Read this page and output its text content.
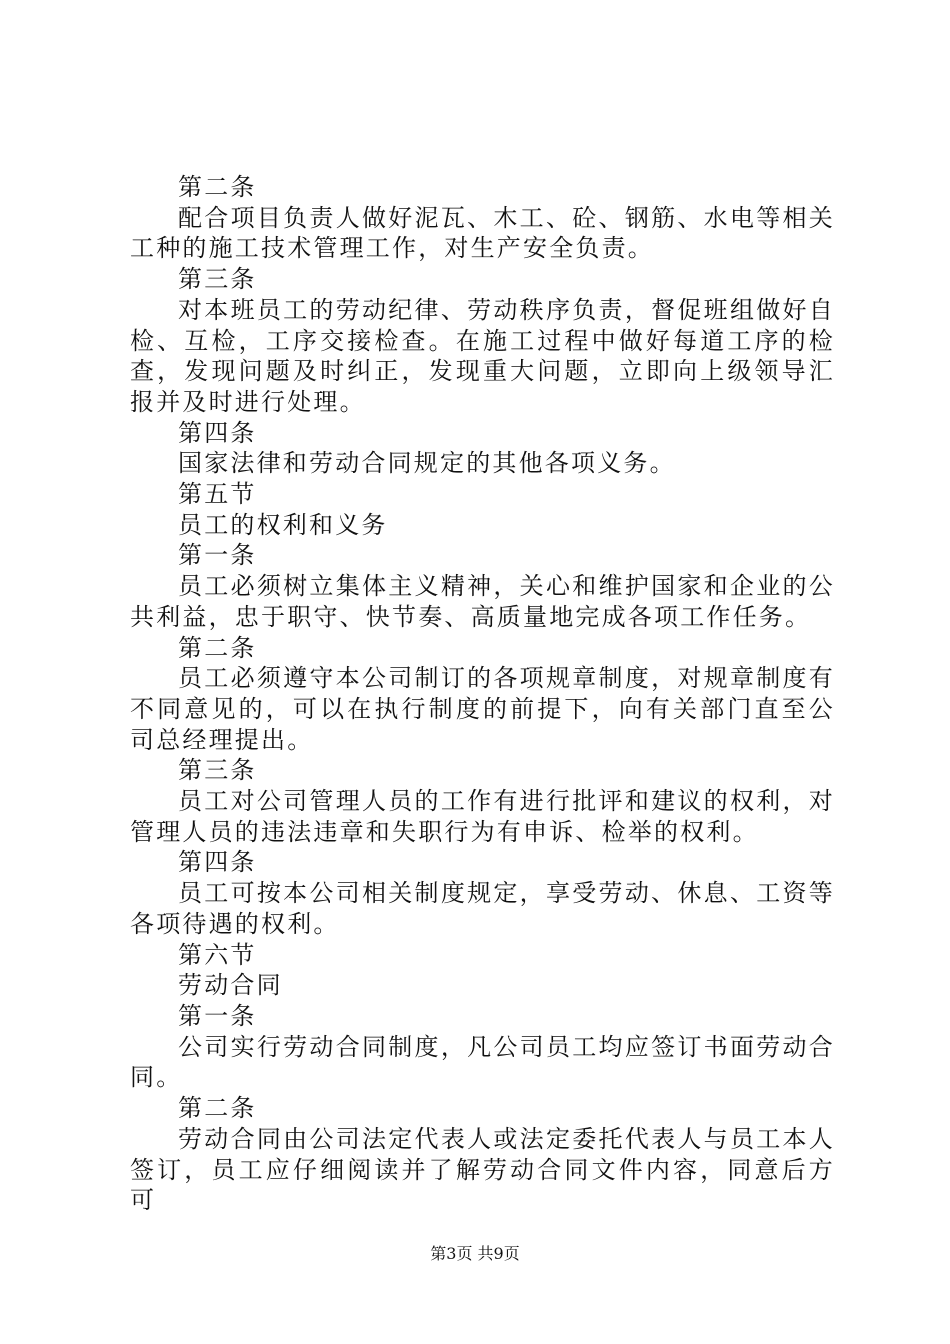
第二条

配合项目负责人做好泥瓦、木工、砼、钢筋、水电等相关工种的施工技术管理工作，对生产安全负责。

第三条

对本班员工的劳动纪律、劳动秩序负责，督促班组做好自检、互检，工序交接检查。在施工过程中做好每道工序的检查，发现问题及时纠正，发现重大问题，立即向上级领导汇报并及时进行处理。

第四条

国家法律和劳动合同规定的其他各项义务。

第五节

员工的权利和义务

第一条

员工必须树立集体主义精神，关心和维护国家和企业的公共利益，忠于职守、快节奏、高质量地完成各项工作任务。

第二条

员工必须遵守本公司制订的各项规章制度，对规章制度有不同意见的，可以在执行制度的前提下，向有关部门直至公司总经理提出。

第三条

员工对公司管理人员的工作有进行批评和建议的权利，对管理人员的违法违章和失职行为有申诉、检举的权利。

第四条

员工可按本公司相关制度规定，享受劳动、休息、工资等各项待遇的权利。

第六节

劳动合同

第一条

公司实行劳动合同制度，凡公司员工均应签订书面劳动合同。

第二条

劳动合同由公司法定代表人或法定委托代表人与员工本人签订，员工应仔细阅读并了解劳动合同文件内容，同意后方可

第3页 共9页
